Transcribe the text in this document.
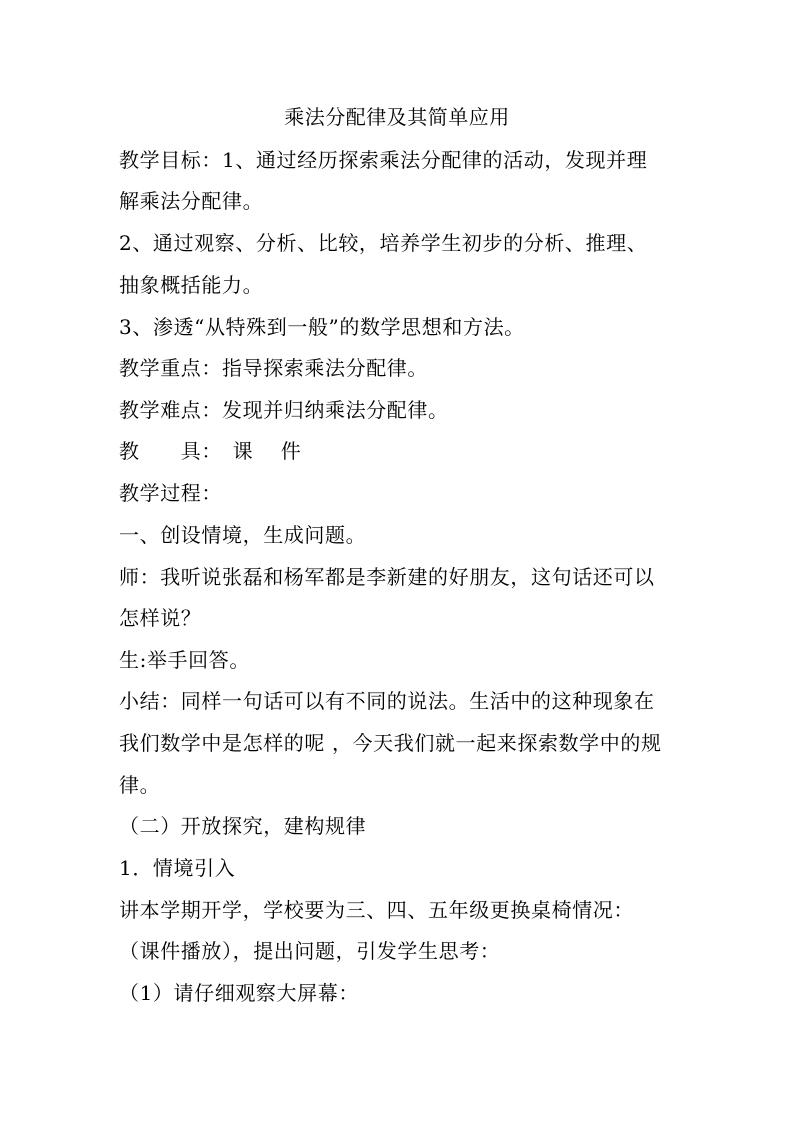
乘法分配律及其简单应用
教学目标：1、通过经历探索乘法分配律的活动，发现并理
解乘法分配律。
2、通过观察、分析、比较，培养学生初步的分析、推理、
抽象概括能力。
3、渗透“从特殊到一般”的数学思想和方法。
教学重点：指导探索乘法分配律。
教学难点：发现并归纳乘法分配律。
教　　具：　课　 件
教学过程：
一、创设情境，生成问题。
师：我听说张磊和杨军都是李新建的好朋友，这句话还可以
怎样说？
生:举手回答。
小结：同样一句话可以有不同的说法。生活中的这种现象在
我们数学中是怎样的呢 ，今天我们就一起来探索数学中的规
律。
（二）开放探究，建构规律
1．情境引入
讲本学期开学，学校要为三、四、五年级更换桌椅情况：
（课件播放），提出问题，引发学生思考：
（1）请仔细观察大屏幕：
